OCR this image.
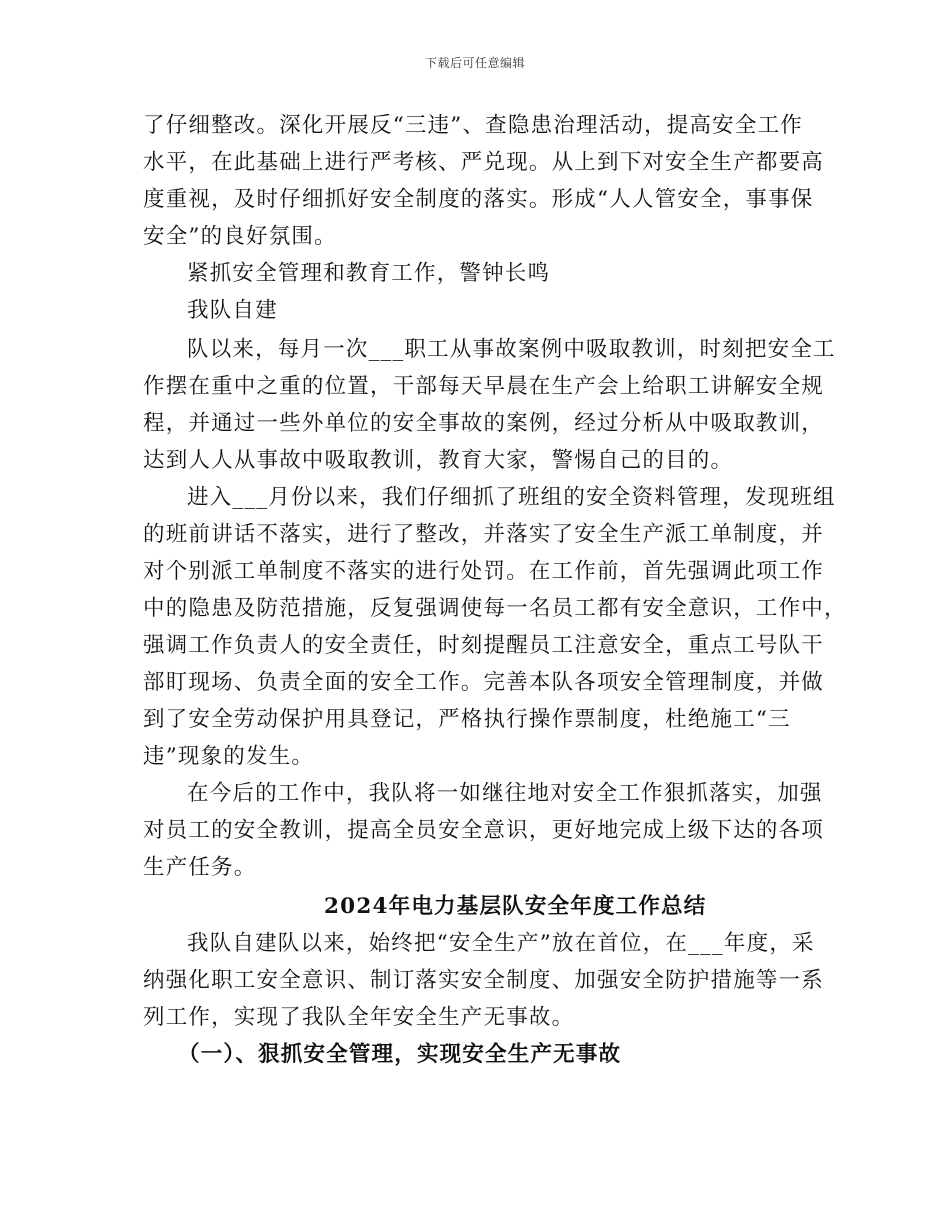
下载后可任意编辑
了仔细整改。深化开展反“三违”、查隐患治理活动，提高安全工作
水平，在此基础上进行严考核、严兑现。从上到下对安全生产都要高
度重视，及时仔细抓好安全制度的落实。形成“人人管安全，事事保
安全”的良好氛围。
紧抓安全管理和教育工作，警钟长鸣
我队自建
队以来，每月一次___职工从事故案例中吸取教训，时刻把安全工
作摆在重中之重的位置，干部每天早晨在生产会上给职工讲解安全规
程，并通过一些外单位的安全事故的案例，经过分析从中吸取教训，
达到人人从事故中吸取教训，教育大家，警惕自己的目的。
进入___月份以来，我们仔细抓了班组的安全资料管理，发现班组
的班前讲话不落实，进行了整改，并落实了安全生产派工单制度，并
对个别派工单制度不落实的进行处罚。在工作前，首先强调此项工作
中的隐患及防范措施，反复强调使每一名员工都有安全意识，工作中，
强调工作负责人的安全责任，时刻提醒员工注意安全，重点工号队干
部盯现场、负责全面的安全工作。完善本队各项安全管理制度，并做
到了安全劳动保护用具登记，严格执行操作票制度，杜绝施工“三
违”现象的发生。
在今后的工作中，我队将一如继往地对安全工作狠抓落实，加强
对员工的安全教训，提高全员安全意识，更好地完成上级下达的各项
生产任务。
2024年电力基层队安全年度工作总结
我队自建队以来，始终把“安全生产”放在首位，在___年度，采
纳强化职工安全意识、制订落实安全制度、加强安全防护措施等一系
列工作，实现了我队全年安全生产无事故。
（一）、狠抓安全管理，实现安全生产无事故
